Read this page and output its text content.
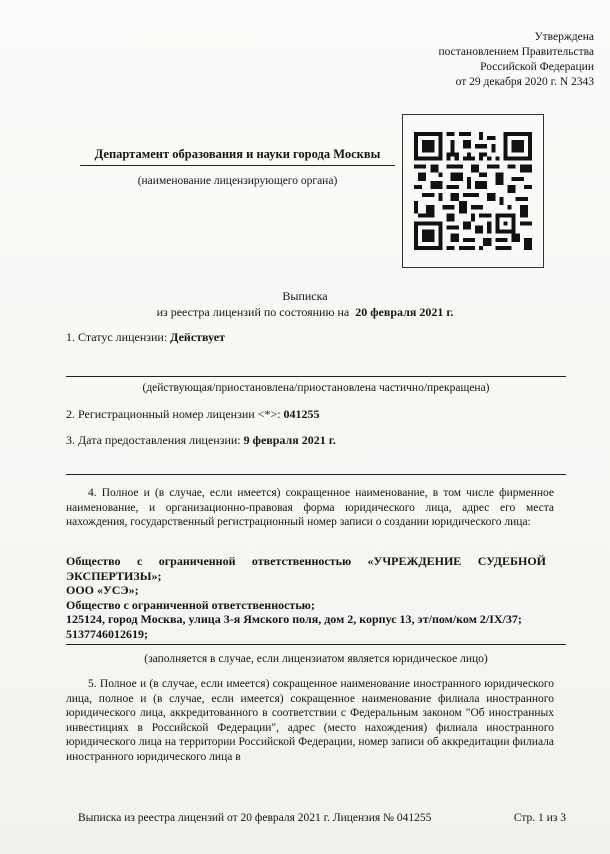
Утверждена
постановлением Правительства
Российской Федерации
от 29 декабря 2020 г. N 2343
Департамент образования и науки города Москвы
(наименование лицензирующего органа)
Выписка
из реестра лицензий по состоянию на 20 февраля 2021 г.
1. Статус лицензии: Действует
(действующая/приостановлена/приостановлена частично/прекращена)
2. Регистрационный номер лицензии <*>: 041255
3. Дата предоставления лицензии: 9 февраля 2021 г.
4. Полное и (в случае, если имеется) сокращенное наименование, в том числе фирменное наименование, и организационно-правовая форма юридического лица, адрес его места нахождения, государственный регистрационный номер записи о создании юридического лица:
Общество с ограниченной ответственностью «УЧРЕЖДЕНИЕ СУДЕБНОЙ
ЭКСПЕРТИЗЫ»;
ООО «УСЭ»;
Общество с ограниченной ответственностью;
125124, город Москва, улица 3-я Ямского поля, дом 2, корпус 13, эт/пом/ком 2/IX/37;
5137746012619;
(заполняется в случае, если лицензиатом является юридическое лицо)
5. Полное и (в случае, если имеется) сокращенное наименование иностранного юридического лица, полное и (в случае, если имеется) сокращенное наименование филиала иностранного юридического лица, аккредитованного в соответствии с Федеральным законом "Об иностранных инвестициях в Российской Федерации", адрес (место нахождения) филиала иностранного юридического лица на территории Российской Федерации, номер записи об аккредитации филиала иностранного юридического лица в
Выписка из реестра лицензий от 20 февраля 2021 г. Лицензия № 041255	Стр. 1 из 3
